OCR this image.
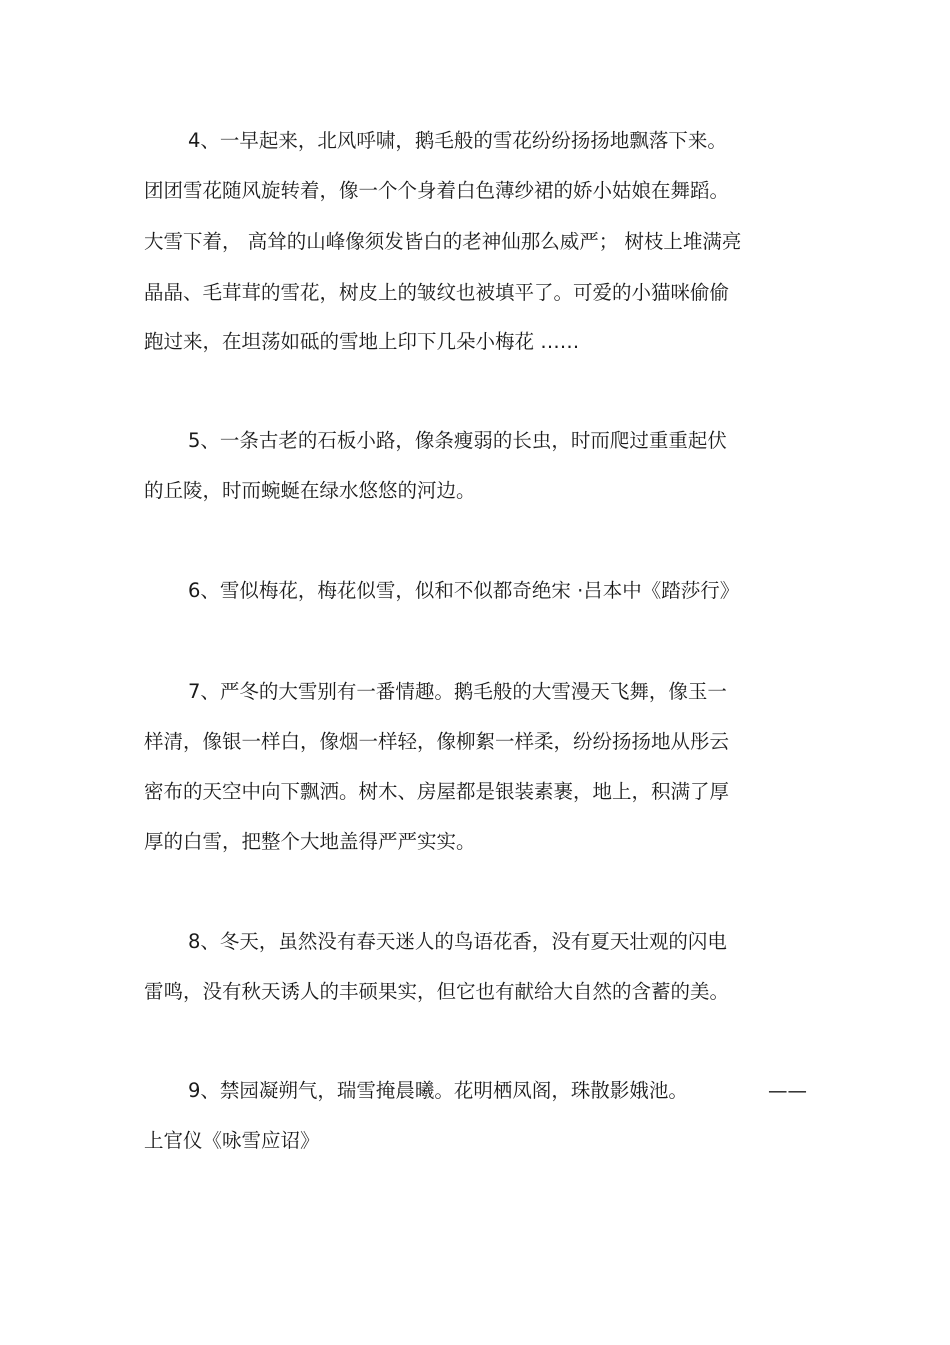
4、一早起来，北风呼啸，鹅毛般的雪花纷纷扬扬地飘落下来。
团团雪花随风旋转着，像一个个身着白色薄纱裙的娇小姑娘在舞蹈。
大雪下着， 高耸的山峰像须发皆白的老神仙那么威严； 树枝上堆满亮
晶晶、毛茸茸的雪花，树皮上的皱纹也被填平了。可爱的小猫咪偷偷
跑过来，在坦荡如砥的雪地上印下几朵小梅花 ……
5、一条古老的石板小路，像条瘦弱的长虫，时而爬过重重起伏
的丘陵，时而蜿蜒在绿水悠悠的河边。
6、雪似梅花，梅花似雪，似和不似都奇绝宋 ·吕本中《踏莎行》
7、严冬的大雪别有一番情趣。鹅毛般的大雪漫天飞舞，像玉一
样清，像银一样白，像烟一样轻，像柳絮一样柔，纷纷扬扬地从彤云
密布的天空中向下飘洒。树木、房屋都是银装素裹，地上，积满了厚
厚的白雪，把整个大地盖得严严实实。
8、冬天，虽然没有春天迷人的鸟语花香，没有夏天壮观的闪电
雷鸣，没有秋天诱人的丰硕果实，但它也有献给大自然的含蓄的美。
9、禁园凝朔气，瑞雪掩晨曦。花明栖凤阁，珠散影娥池。	——
上官仪《咏雪应诏》
